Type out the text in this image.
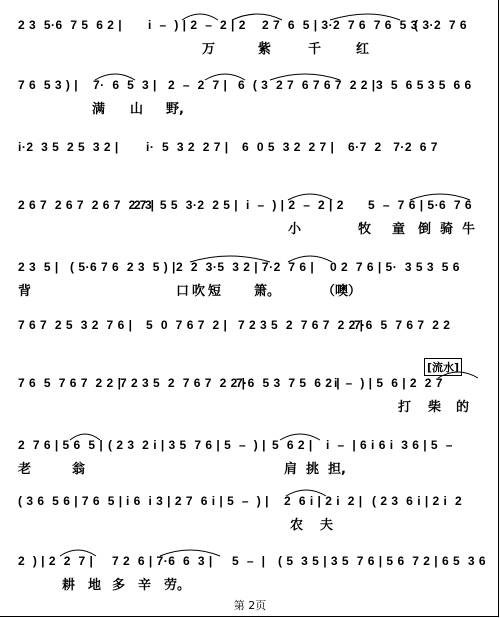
2 3  5·6  7 5  6 2 | i  –  ) | 2  –  2 | 2 2 7  6  5 | 3·2  7 6  7 6  5 3
( 3·2  7 6
万	紫	千	红
7 6  5 3 ) | 7·  6  5  3 | 2  –  2  7 | 6  ( 3  2 7  6 7 6 7  2 2 | 3  5  6 5 3 5  6 6
满 山 野,
i·2  3 5  2 5  3 2 | i·  5  3 2  2 7 | 6  0 5  3 2  2 7 | 6·7  2   7·2  6 7
2 6 7  2 6 7  2 6 7  2 7 |
2 3  5 5  3·2  2 5 | i  –  ) | 2  –  2 | 2 5  –  7 6 | 5·6  7 6
小	牧 童 倒 骑 牛
2 3  5 | ( 5·6 7 6  2 3  5 ) | 2  2  3·5  3 2 | 7·2  7 6 | 0 2  7 6 | 5·  3 5 3  5 6
背	口 吹 短	箫。	（噢）
7 6 7  2 5  3 2  7 6 | 5  0  7 6 7  2 | 7 2 3 5  2  7 6 7  2 2 |
7·6  5  7 6 7  2 2
[流水]
7 6  5  7 6 7  2 2 |
7 2 3 5  2  7 6 7  2 2 |
7·6  5 3  7 5  6 2 |
i  –  ) | 5  6 | 2  2 7
打 柴 的
2  7 6 | 5 6  5 | ( 2 3  2 i | 3 5  7 6 | 5  –  ) | 5  6 2 | i  –  | 6 i 6 i  3 6 | 5  –
老	翁	肩 挑 担,
( 3 6  5 6 | 7 6  5 | i 6  i 3 | 2 7  6 i | 5  –  ) | 2  6 i | 2 i  2 | ( 2 3  6 i | 2 i  2
农 夫
2  ) | 2  2  7 | 7 2  6 | 7·6  6  3 | 5  –  | ( 5  3 5 | 3 5  7 6 | 5 6  7 2 | 6 5  3 6
耕 地 多 辛 劳。
第 2页
